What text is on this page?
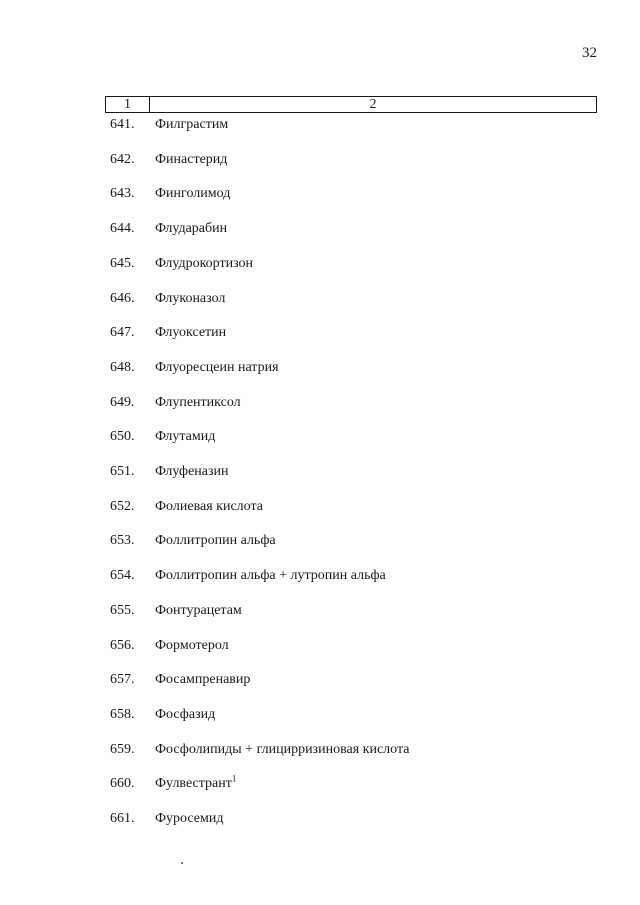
32
1	2
641.	Филграстим
642.	Финастерид
643.	Финголимод
644.	Флударабин
645.	Флудрокортизон
646.	Флуконазол
647.	Флуоксетин
648.	Флуоресцеин натрия
649.	Флупентиксол
650.	Флутамид
651.	Флуфеназин
652.	Фолиевая кислота
653.	Фоллитропин альфа
654.	Фоллитропин альфа + лутропин альфа
655.	Фонтурацетам
656.	Формотерол
657.	Фосампренавир
658.	Фосфазид
659.	Фосфолипиды + глицирризиновая кислота
660.	Фулвестрант$^1$
661.	Фуросемид
